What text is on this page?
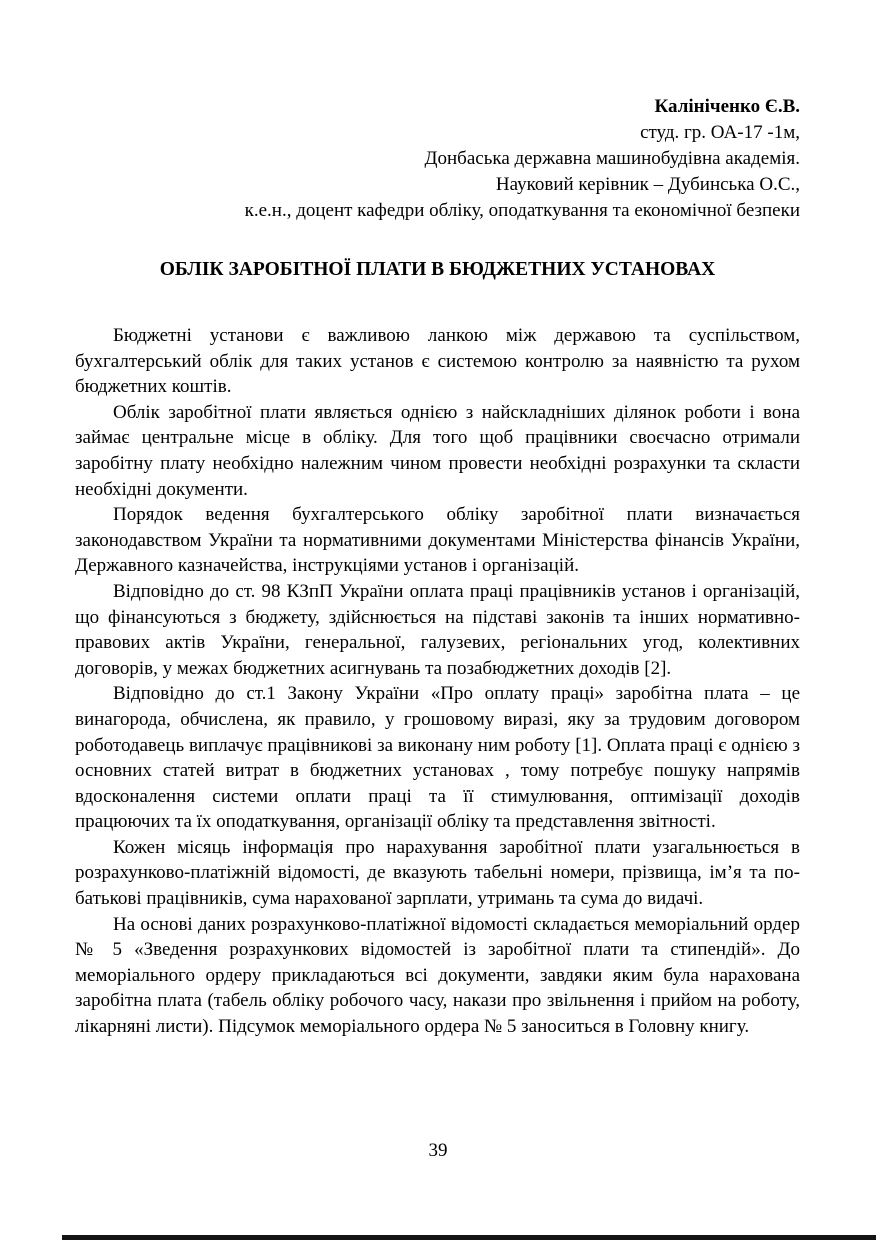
Калініченко Є.В.
студ. гр. ОА-17 -1м,
Донбаська державна машинобудівна академія.
Науковий керівник – Дубинська О.С.,
к.е.н., доцент кафедри обліку, оподаткування та економічної безпеки
ОБЛІК ЗАРОБІТНОЇ ПЛАТИ В БЮДЖЕТНИХ УСТАНОВАХ

Бюджетні установи є важливою ланкою між державою та суспільством, бухгалтерський облік для таких установ є системою контролю за наявністю та рухом бюджетних коштів.

Облік заробітної плати являється однією з найскладніших ділянок роботи і вона займає центральне місце в обліку. Для того щоб працівники своєчасно отримали заробітну плату необхідно належним чином провести необхідні розрахунки та скласти необхідні документи.

Порядок ведення бухгалтерського обліку заробітної плати визначається законодавством України та нормативними документами Міністерства фінансів України, Державного казначейства, інструкціями установ і організацій.

Відповідно до ст. 98 КЗпП України оплата праці працівників установ і організацій, що фінансуються з бюджету, здійснюється на підставі законів та інших нормативно-правових актів України, генеральної, галузевих, регіональних угод, колективних договорів, у межах бюджетних асигнувань та позабюджетних доходів [2].

Відповідно до ст.1 Закону України «Про оплату праці» заробітна плата – це винагорода, обчислена, як правило, у грошовому виразі, яку за трудовим договором роботодавець виплачує працівникові за виконану ним роботу [1]. Оплата праці є однією з основних статей витрат в бюджетних установах , тому потребує пошуку напрямів вдосконалення системи оплати праці та її стимулювання, оптимізації доходів працюючих та їх оподаткування, організації обліку та представлення звітності.

Кожен місяць інформація про нарахування заробітної плати узагальнюється в розрахунково-платіжній відомості, де вказують табельні номери, прізвища, ім’я та по-батькові працівників, сума нарахованої зарплати, утримань та сума до видачі.

На основі даних розрахунково-платіжної відомості складається меморіальний ордер № 5 «Зведення розрахункових відомостей із заробітної плати та стипендій». До меморіального ордеру прикладаються всі документи, завдяки яким була нарахована заробітна плата (табель обліку робочого часу, накази про звільнення і прийом на роботу, лікарняні листи). Підсумок меморіального ордера № 5 заноситься в Головну книгу.

39
